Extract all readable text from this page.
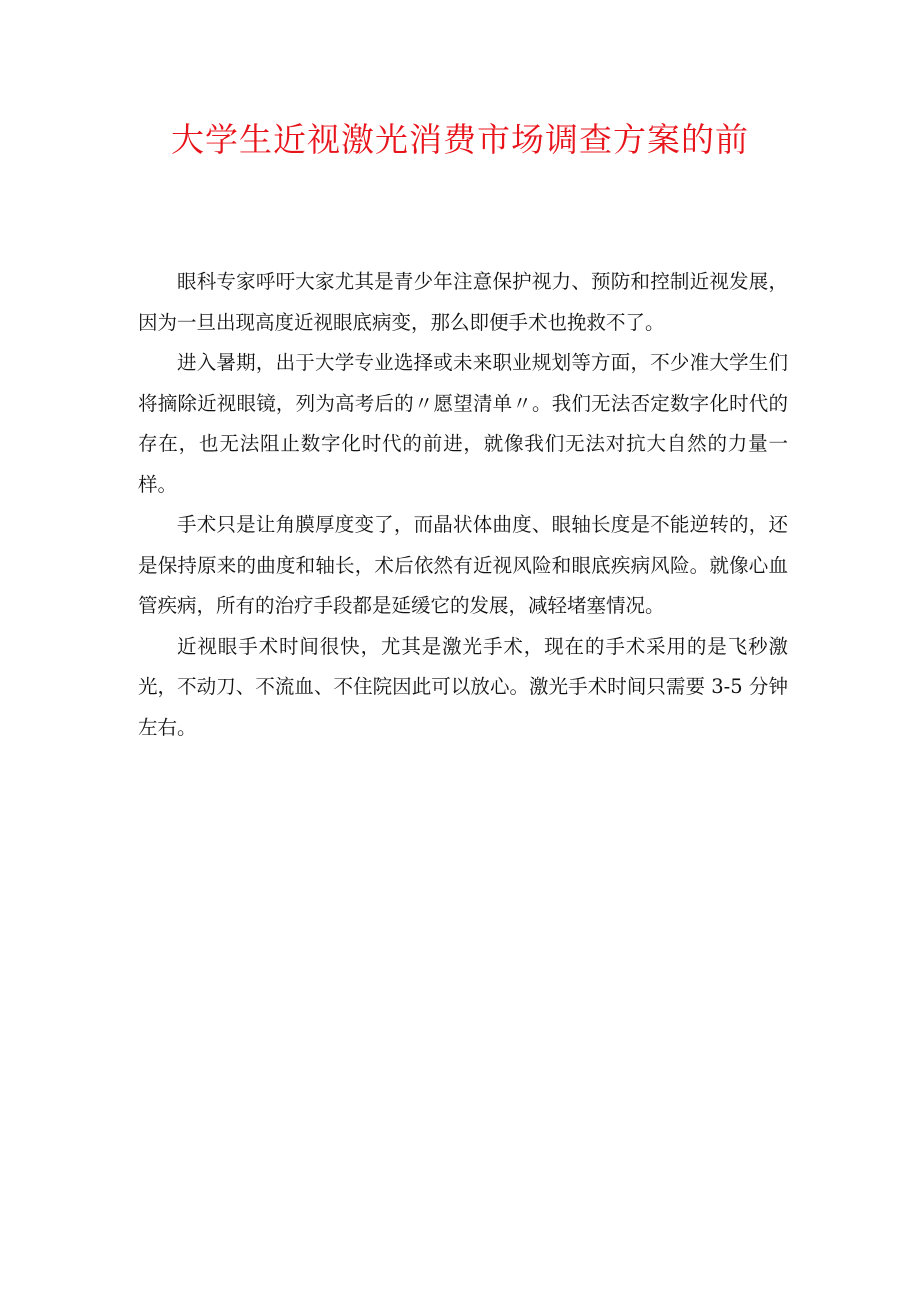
大学生近视激光消费市场调查方案的前

眼科专家呼吁大家尤其是青少年注意保护视力、预防和控制近视发展，因为一旦出现高度近视眼底病变，那么即便手术也挽救不了。

进入暑期，出于大学专业选择或未来职业规划等方面，不少准大学生们将摘除近视眼镜，列为高考后的〃愿望清单〃。我们无法否定数字化时代的存在，也无法阻止数字化时代的前进，就像我们无法对抗大自然的力量一样。

手术只是让角膜厚度变了，而晶状体曲度、眼轴长度是不能逆转的，还是保持原来的曲度和轴长，术后依然有近视风险和眼底疾病风险。就像心血管疾病，所有的治疗手段都是延缓它的发展，减轻堵塞情况。

近视眼手术时间很快，尤其是激光手术，现在的手术采用的是飞秒激光，不动刀、不流血、不住院因此可以放心。激光手术时间只需要 3-5 分钟左右。
